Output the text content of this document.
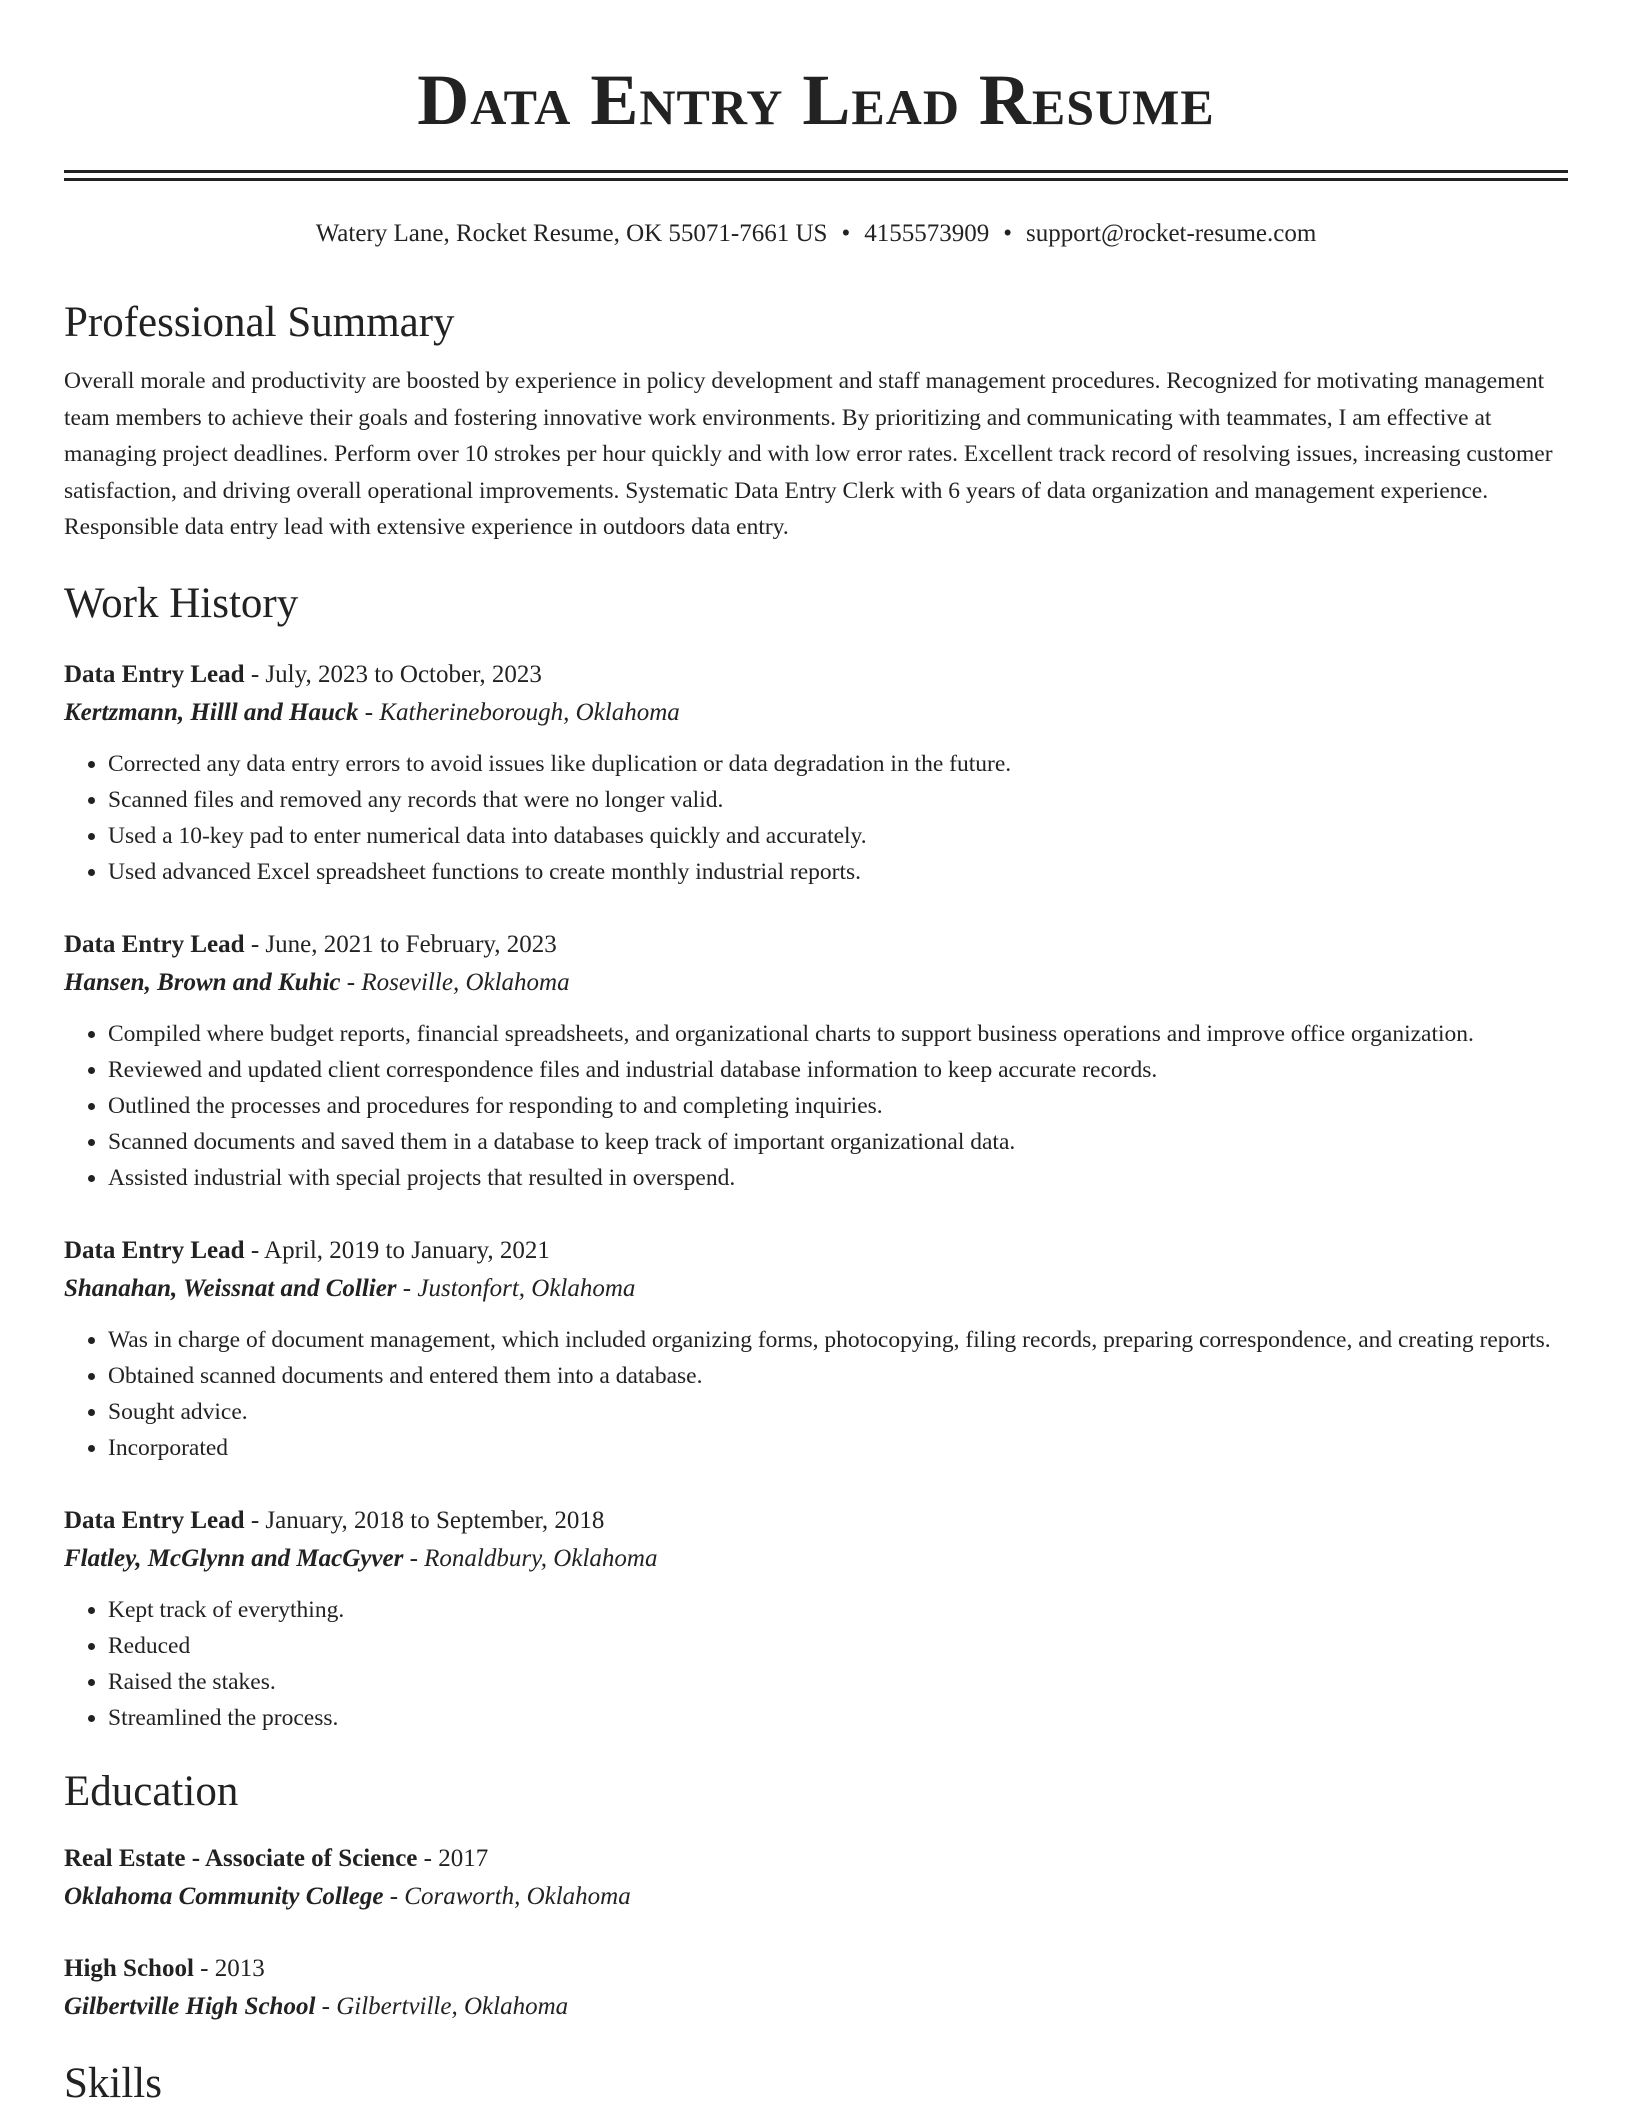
Data Entry Lead Resume
Watery Lane, Rocket Resume, OK 55071-7661 US • 4155573909 • support@rocket-resume.com
Professional Summary
Overall morale and productivity are boosted by experience in policy development and staff management procedures. Recognized for motivating management team members to achieve their goals and fostering innovative work environments. By prioritizing and communicating with teammates, I am effective at managing project deadlines. Perform over 10 strokes per hour quickly and with low error rates. Excellent track record of resolving issues, increasing customer satisfaction, and driving overall operational improvements. Systematic Data Entry Clerk with 6 years of data organization and management experience. Responsible data entry lead with extensive experience in outdoors data entry.
Work History
Data Entry Lead - July, 2023 to October, 2023
Kertzmann, Hilll and Hauck - Katherineborough, Oklahoma
• Corrected any data entry errors to avoid issues like duplication or data degradation in the future.
• Scanned files and removed any records that were no longer valid.
• Used a 10-key pad to enter numerical data into databases quickly and accurately.
• Used advanced Excel spreadsheet functions to create monthly industrial reports.
Data Entry Lead - June, 2021 to February, 2023
Hansen, Brown and Kuhic - Roseville, Oklahoma
• Compiled where budget reports, financial spreadsheets, and organizational charts to support business operations and improve office organization.
• Reviewed and updated client correspondence files and industrial database information to keep accurate records.
• Outlined the processes and procedures for responding to and completing inquiries.
• Scanned documents and saved them in a database to keep track of important organizational data.
• Assisted industrial with special projects that resulted in overspend.
Data Entry Lead - April, 2019 to January, 2021
Shanahan, Weissnat and Collier - Justonfort, Oklahoma
• Was in charge of document management, which included organizing forms, photocopying, filing records, preparing correspondence, and creating reports.
• Obtained scanned documents and entered them into a database.
• Sought advice.
• Incorporated
Data Entry Lead - January, 2018 to September, 2018
Flatley, McGlynn and MacGyver - Ronaldbury, Oklahoma
• Kept track of everything.
• Reduced
• Raised the stakes.
• Streamlined the process.
Education
Real Estate - Associate of Science - 2017
Oklahoma Community College - Coraworth, Oklahoma
High School - 2013
Gilbertville High School - Gilbertville, Oklahoma
Skills
